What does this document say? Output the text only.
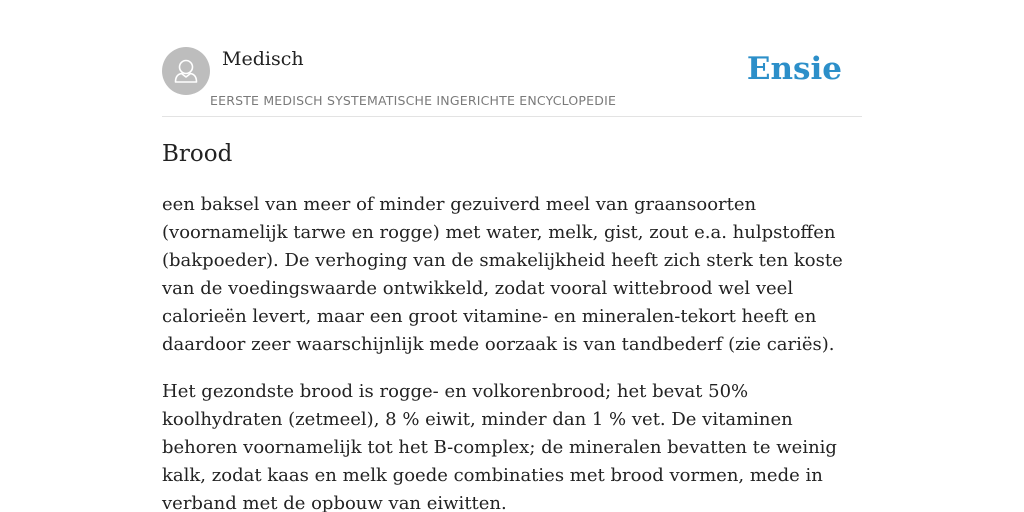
Medisch
EERSTE MEDISCH SYSTEMATISCHE INGERICHTE ENCYCLOPEDIE
Ensie
Brood

een baksel van meer of minder gezuiverd meel van graansoorten (voornamelijk tarwe en rogge) met water, melk, gist, zout e.a. hulpstoffen (bakpoeder). De verhoging van de smakelijkheid heeft zich sterk ten koste van de voedingswaarde ontwikkeld, zodat vooral wittebrood wel veel calorieën levert, maar een groot vitamine- en mineralen-tekort heeft en daardoor zeer waarschijnlijk mede oorzaak is van tandbederf (zie cariës).

Het gezondste brood is rogge- en volkorenbrood; het bevat 50% koolhydraten (zetmeel), 8 % eiwit, minder dan 1 % vet. De vitaminen behoren voornamelijk tot het B-complex; de mineralen bevatten te weinig kalk, zodat kaas en melk goede combinaties met brood vormen, mede in verband met de opbouw van eiwitten.
